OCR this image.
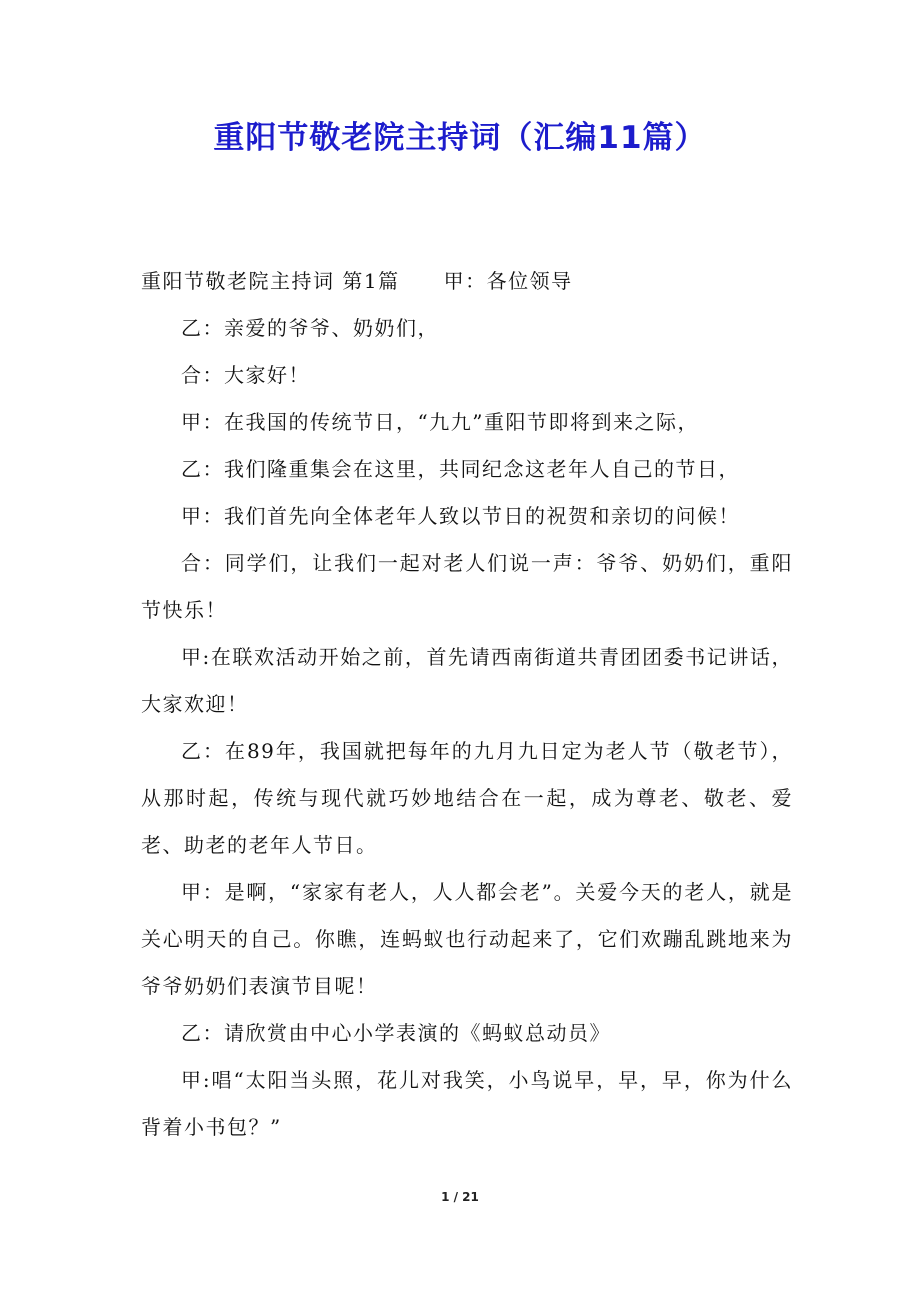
重阳节敬老院主持词（汇编11篇）

重阳节敬老院主持词 第1篇 甲：各位领导

乙：亲爱的爷爷、奶奶们，

合：大家好！

甲：在我国的传统节日，“九九”重阳节即将到来之际，

乙：我们隆重集会在这里，共同纪念这老年人自己的节日，

甲：我们首先向全体老年人致以节日的祝贺和亲切的问候！

合：同学们，让我们一起对老人们说一声：爷爷、奶奶们，重阳节快乐！

甲:在联欢活动开始之前，首先请西南街道共青团团委书记讲话，大家欢迎！

乙：在89年，我国就把每年的九月九日定为老人节（敬老节），从那时起，传统与现代就巧妙地结合在一起，成为尊老、敬老、爱老、助老的老年人节日。

甲：是啊，“家家有老人，人人都会老”。关爱今天的老人，就是关心明天的自己。你瞧，连蚂蚁也行动起来了，它们欢蹦乱跳地来为爷爷奶奶们表演节目呢！

乙：请欣赏由中心小学表演的《蚂蚁总动员》

甲:唱“太阳当头照，花儿对我笑，小鸟说早，早，早，你为什么背着小书包？”

1 / 21
